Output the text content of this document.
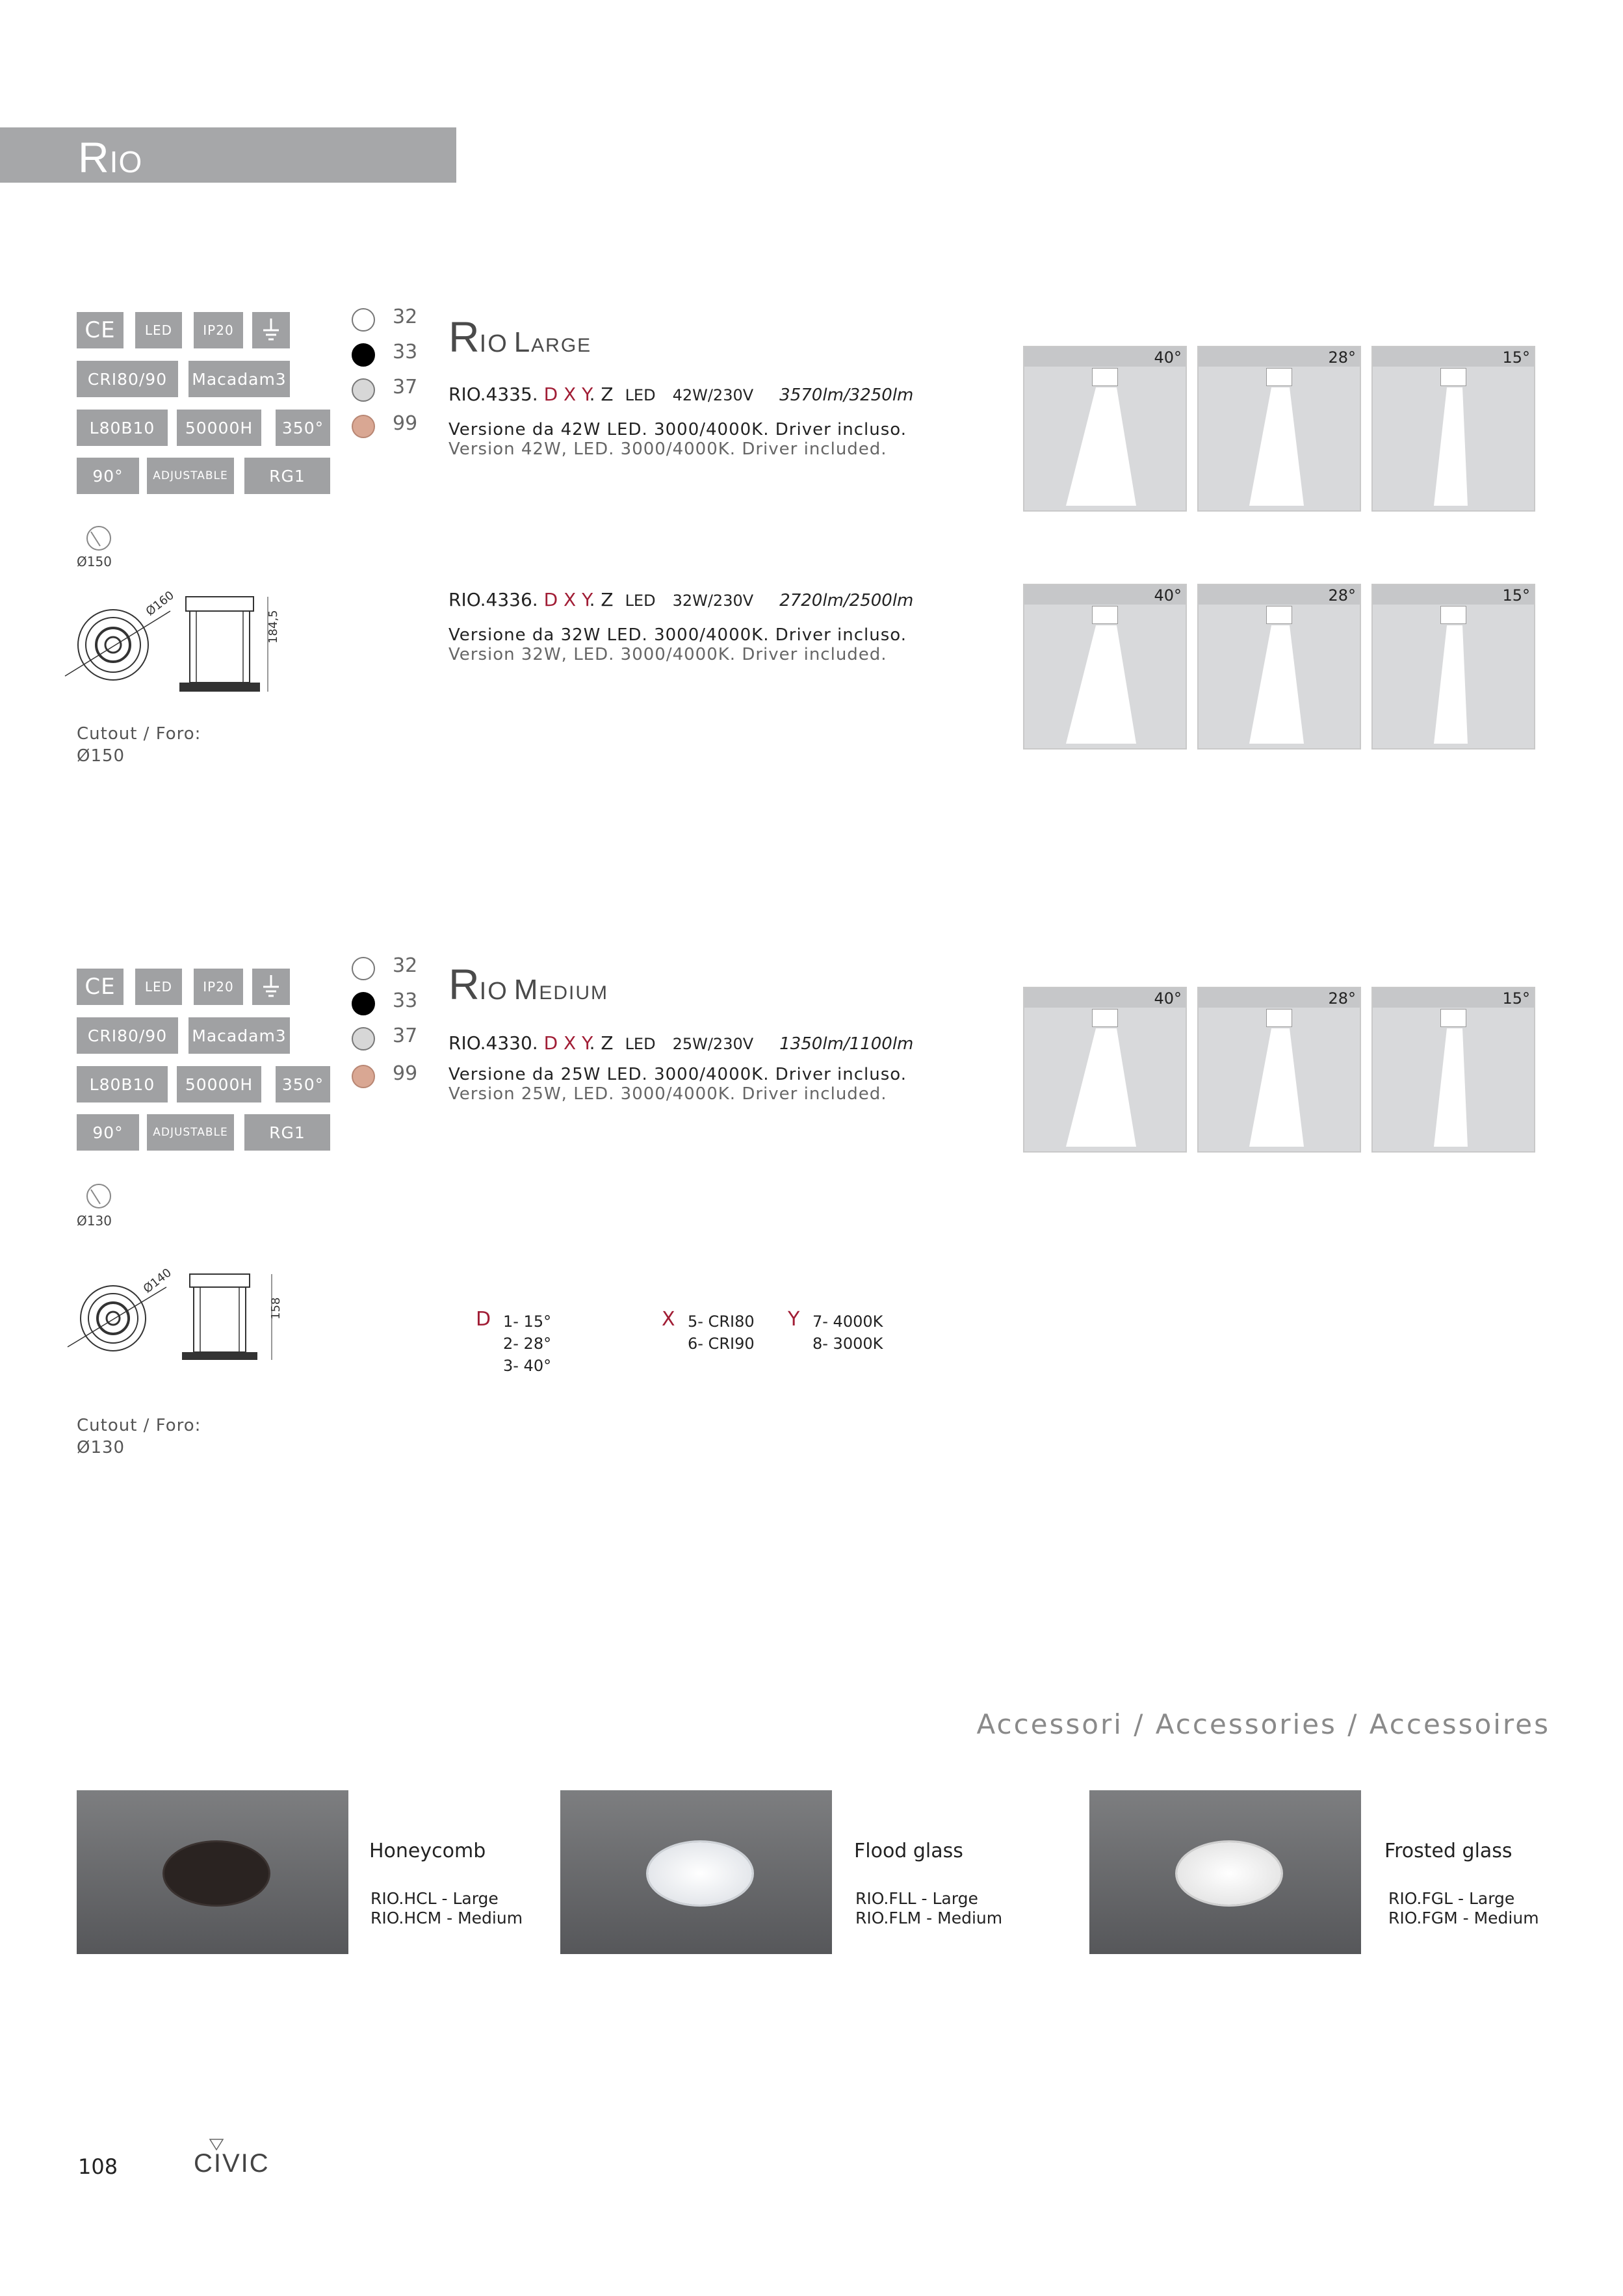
RIO
CE	LED	IP20
CRI80/90	Macadam3
L80B10	50000H	350°
90°	ADJUSTABLE	RG1
Ø150
Ø160
184,5
Cutout / Foro:
Ø150
32
33
37
99
RIO LARGE
RIO.4335. D X Y. Z LED 42W/230V 3570lm/3250lm
Versione da 42W LED. 3000/4000K. Driver incluso.
Version 42W, LED. 3000/4000K. Driver included.
RIO.4336. D X Y. Z LED 32W/230V 2720lm/2500lm
Versione da 32W LED. 3000/4000K. Driver incluso.
Version 32W, LED. 3000/4000K. Driver included.
40°	28°	15°
40°	28°	15°
CE	LED	IP20
CRI80/90	Macadam3
L80B10	50000H	350°
90°	ADJUSTABLE	RG1
Ø130
Ø140
158
Cutout / Foro:
Ø130
32
33
37
99
RIO MEDIUM
RIO.4330. D X Y. Z LED 25W/230V 1350lm/1100lm
Versione da 25W LED. 3000/4000K. Driver incluso.
Version 25W, LED. 3000/4000K. Driver included.
40°	28°	15°
D 1- 15°
2- 28°
3- 40°
X 5- CRI80
6- CRI90
Y 7- 4000K
8- 3000K
Accessori / Accessories / Accessoires
Honeycomb
RIO.HCL - Large
RIO.HCM - Medium
Flood glass
RIO.FLL - Large
RIO.FLM - Medium
Frosted glass
RIO.FGL - Large
RIO.FGM - Medium
108	CIVIC
